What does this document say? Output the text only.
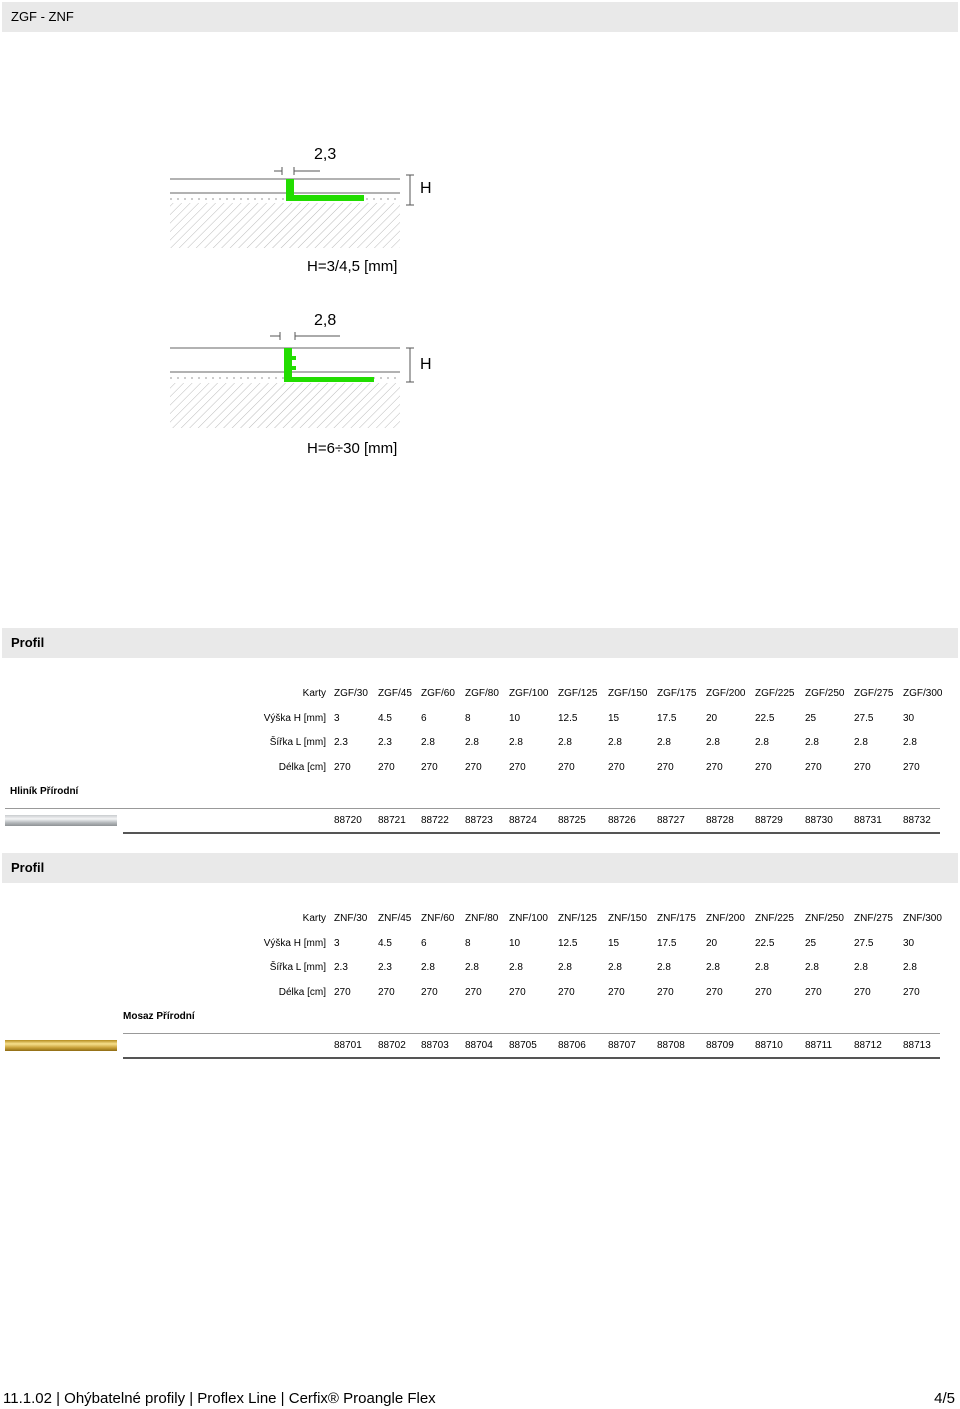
ZGF - ZNF
2,3
H
H=3/4,5 [mm]
2,8
H
H=6÷30 [mm]
Profil
Karty ZGF/30 ZGF/45 ZGF/60 ZGF/80 ZGF/100 ZGF/125 ZGF/150 ZGF/175 ZGF/200 ZGF/225 ZGF/250 ZGF/275 ZGF/300
Výška H [mm] 3	4.5	6	8	10	12.5	15	17.5	20	22.5	25	27.5	30
Šířka L [mm] 2.3	2.3	2.8	2.8	2.8	2.8	2.8	2.8	2.8	2.8	2.8	2.8	2.8
Délka [cm] 270	270	270	270	270	270	270	270	270	270	270	270	270
Hliník Přírodní
88720 88721 88722 88723 88724 88725 88726 88727 88728 88729 88730 88731 88732
Profil
Karty ZNF/30 ZNF/45 ZNF/60 ZNF/80 ZNF/100 ZNF/125 ZNF/150 ZNF/175 ZNF/200 ZNF/225 ZNF/250 ZNF/275 ZNF/300
Výška H [mm] 3	4.5	6	8	10	12.5	15	17.5	20	22.5	25	27.5	30
Šířka L [mm] 2.3	2.3	2.8	2.8	2.8	2.8	2.8	2.8	2.8	2.8	2.8	2.8	2.8
Délka [cm] 270	270	270	270	270	270	270	270	270	270	270	270	270
Mosaz Přírodní
88701 88702 88703 88704 88705 88706 88707 88708 88709 88710 88711 88712 88713
11.1.02 | Ohýbatelné profily | Proflex Line | Cerfix® Proangle Flex	4/5
